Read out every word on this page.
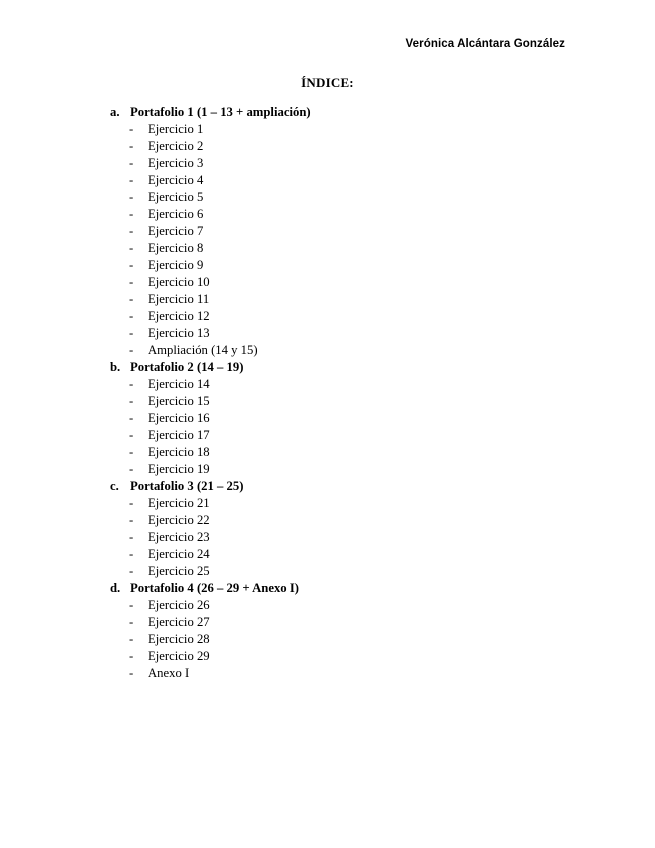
Verónica Alcántara González
ÍNDICE:
a. Portafolio 1 (1 – 13 + ampliación)
-	Ejercicio 1
-	Ejercicio 2
-	Ejercicio 3
-	Ejercicio 4
-	Ejercicio 5
-	Ejercicio 6
-	Ejercicio 7
-	Ejercicio 8
-	Ejercicio 9
-	Ejercicio 10
-	Ejercicio 11
-	Ejercicio 12
-	Ejercicio 13
-	Ampliación (14 y 15)
b. Portafolio 2 (14 – 19)
-	Ejercicio 14
-	Ejercicio 15
-	Ejercicio 16
-	Ejercicio 17
-	Ejercicio 18
-	Ejercicio 19
c. Portafolio 3 (21 – 25)
-	Ejercicio 21
-	Ejercicio 22
-	Ejercicio 23
-	Ejercicio 24
-	Ejercicio 25
d. Portafolio 4 (26 – 29 + Anexo I)
-	Ejercicio 26
-	Ejercicio 27
-	Ejercicio 28
-	Ejercicio 29
-	Anexo I
